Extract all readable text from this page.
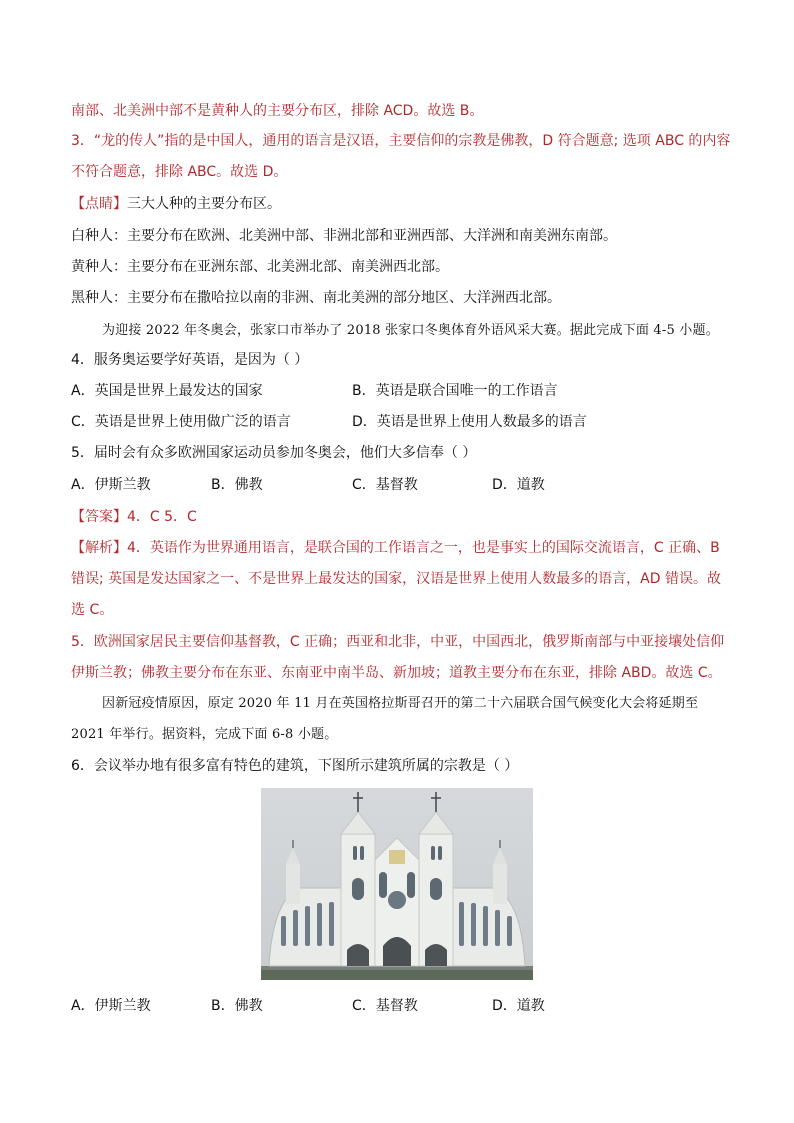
南部、北美洲中部不是黄种人的主要分布区，排除 ACD。故选 B。
3．“龙的传人”指的是中国人，通用的语言是汉语，主要信仰的宗教是佛教，D 符合题意; 选项 ABC 的内容
不符合题意，排除 ABC。故选 D。
【点睛】三大人种的主要分布区。
白种人：主要分布在欧洲、北美洲中部、非洲北部和亚洲西部、大洋洲和南美洲东南部。
黄种人：主要分布在亚洲东部、北美洲北部、南美洲西北部。
黑种人：主要分布在撒哈拉以南的非洲、南北美洲的部分地区、大洋洲西北部。
为迎接 2022 年冬奥会，张家口市举办了 2018 张家口冬奥体育外语风采大赛。据此完成下面 4-5 小题。
4．服务奥运要学好英语，是因为（ ）
A．英国是世界上最发达的国家	B．英语是联合国唯一的工作语言
C．英语是世界上使用做广泛的语言	D．英语是世界上使用人数最多的语言
5．届时会有众多欧洲国家运动员参加冬奥会，他们大多信奉（ ）
A．伊斯兰教	B．佛教	C．基督教	D．道教
【答案】4．C 5．C
【解析】4．英语作为世界通用语言，是联合国的工作语言之一，也是事实上的国际交流语言，C 正确、B
错误; 英国是发达国家之一、不是世界上最发达的国家，汉语是世界上使用人数最多的语言，AD 错误。故
选 C。
5．欧洲国家居民主要信仰基督教，C 正确；西亚和北非，中亚，中国西北，俄罗斯南部与中亚接壤处信仰
伊斯兰教；佛教主要分布在东亚、东南亚中南半岛、新加坡；道教主要分布在东亚，排除 ABD。故选 C。
因新冠疫情原因，原定 2020 年 11 月在英国格拉斯哥召开的第二十六届联合国气候变化大会将延期至
2021 年举行。据资料，完成下面 6-8 小题。
6．会议举办地有很多富有特色的建筑，下图所示建筑所属的宗教是（ ）
A．伊斯兰教	B．佛教	C．基督教	D．道教
